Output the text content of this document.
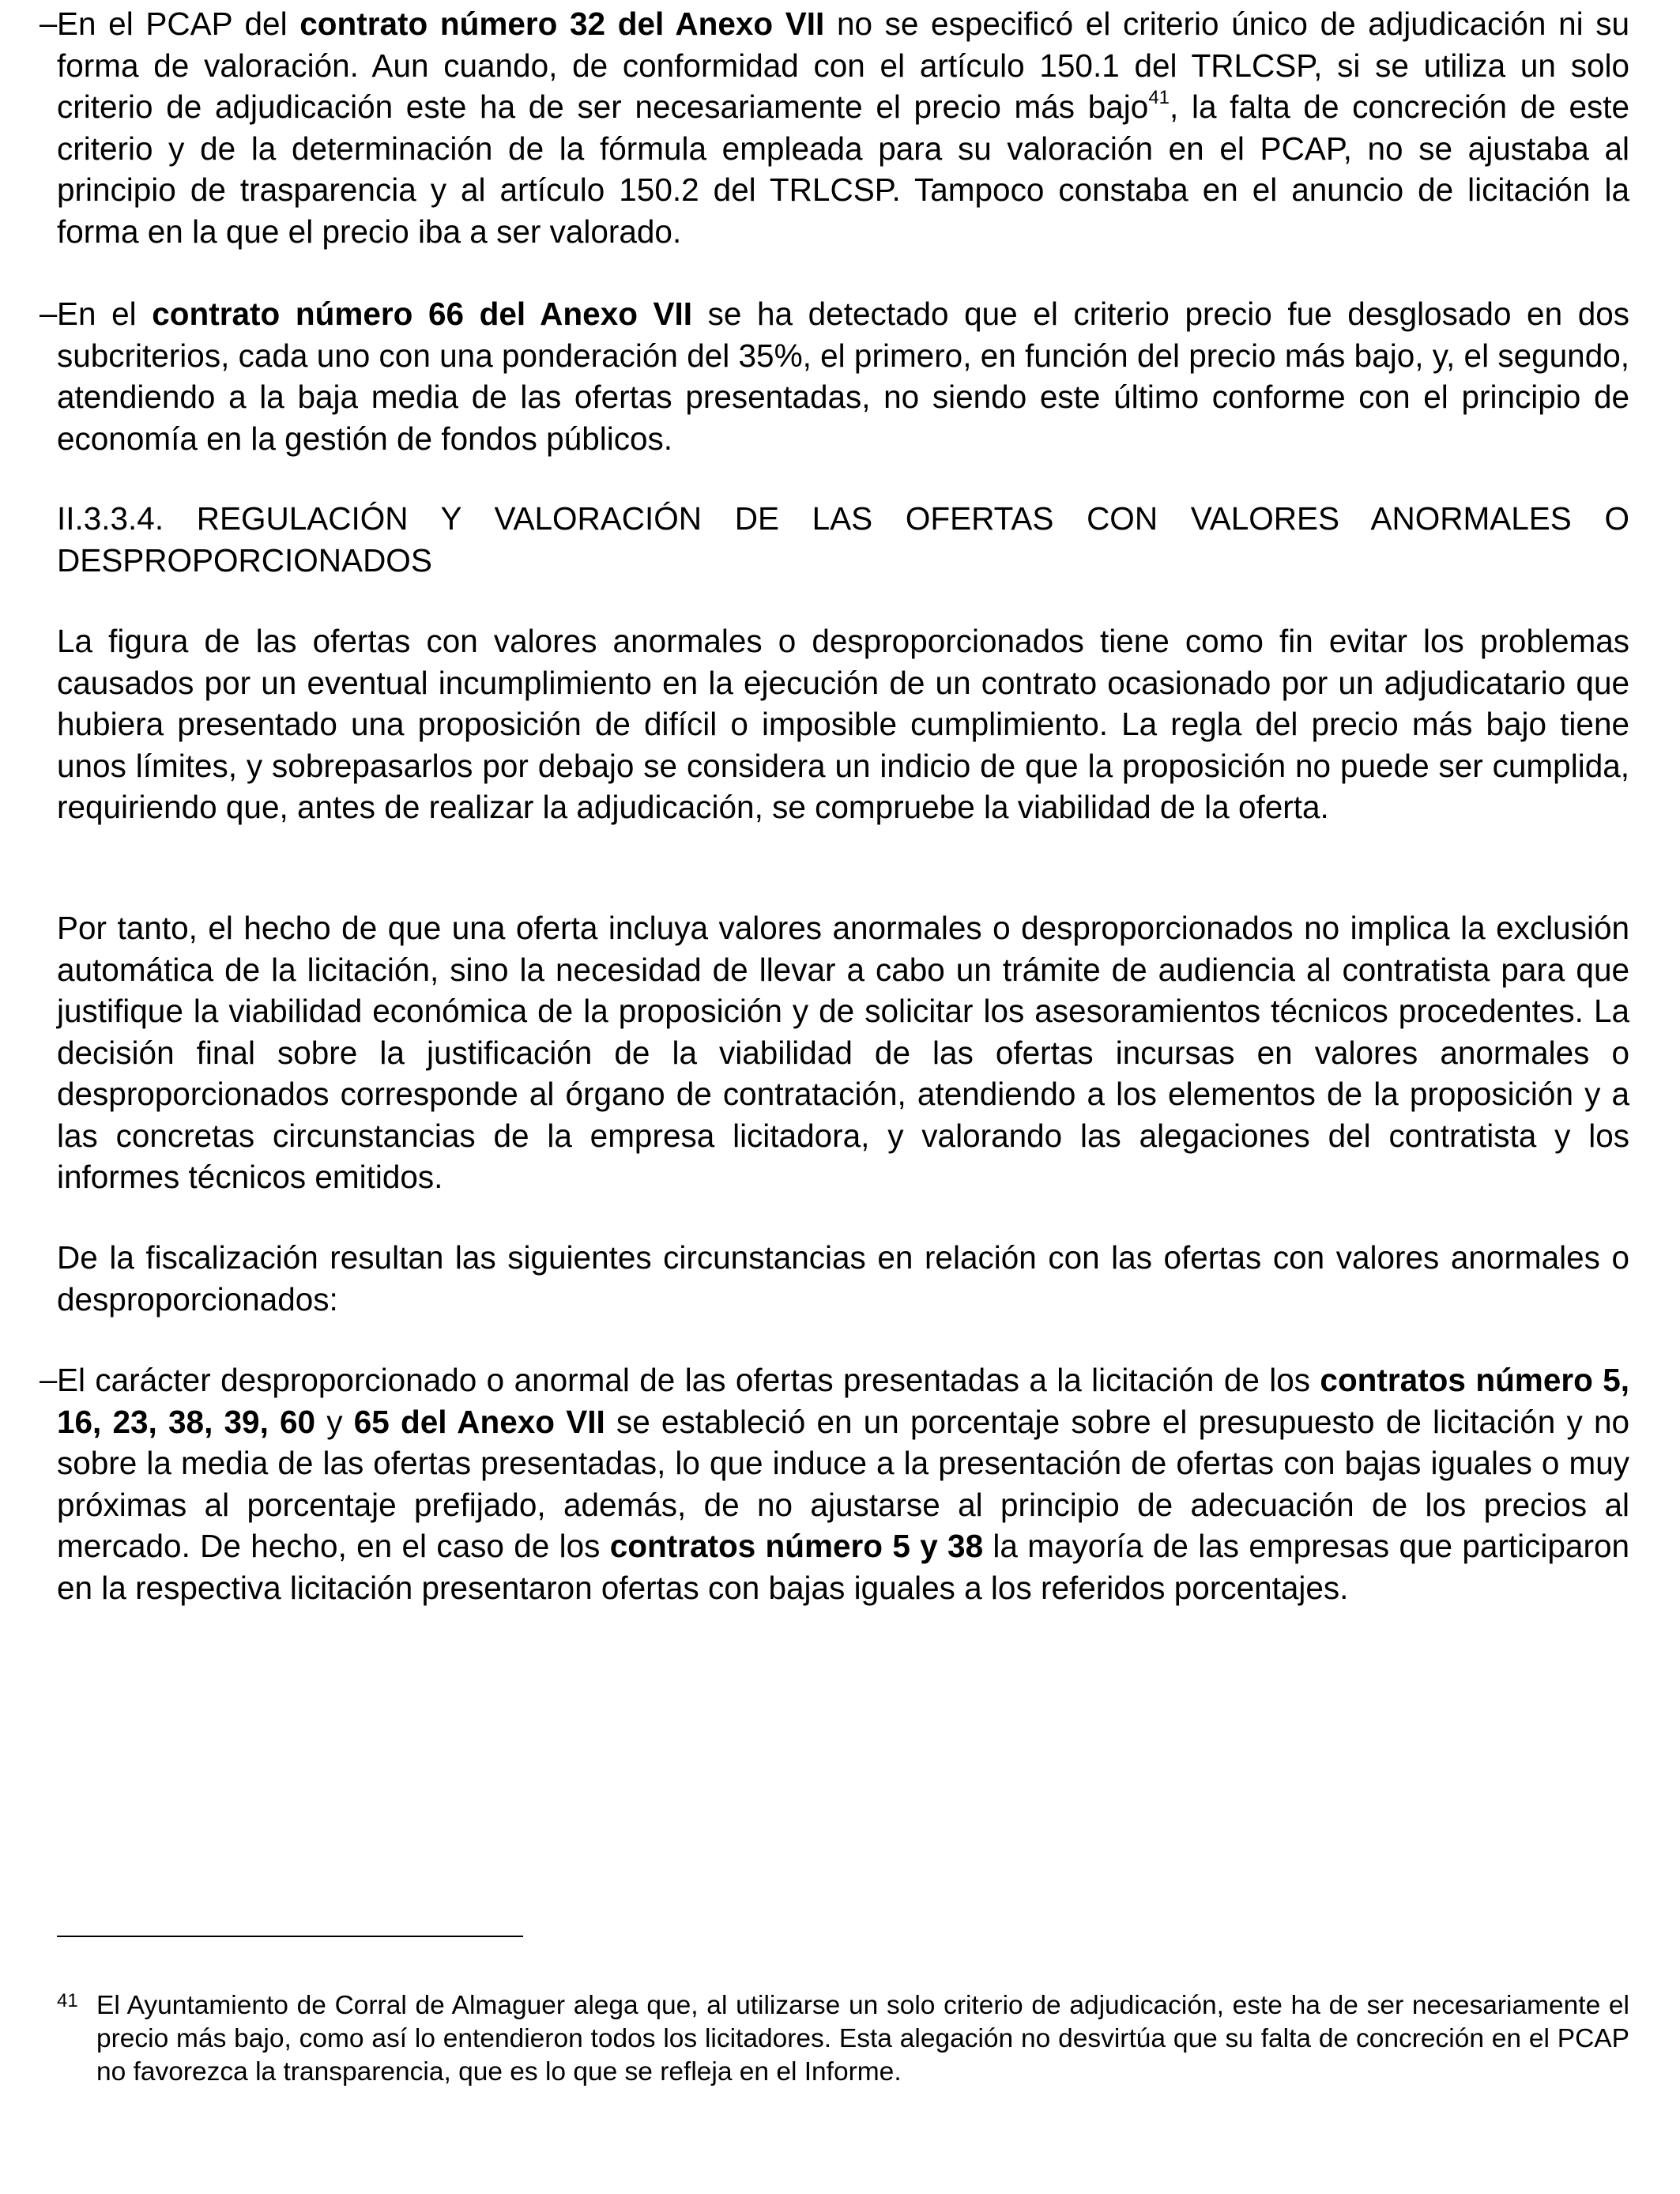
– En el PCAP del contrato número 32 del Anexo VII no se especificó el criterio único de adjudicación ni su forma de valoración. Aun cuando, de conformidad con el artículo 150.1 del TRLCSP, si se utiliza un solo criterio de adjudicación este ha de ser necesariamente el precio más bajo$^{41}$, la falta de concreción de este criterio y de la determinación de la fórmula empleada para su valoración en el PCAP, no se ajustaba al principio de trasparencia y al artículo 150.2 del TRLCSP. Tampoco constaba en el anuncio de licitación la forma en la que el precio iba a ser valorado.
– En el contrato número 66 del Anexo VII se ha detectado que el criterio precio fue desglosado en dos subcriterios, cada uno con una ponderación del 35%, el primero, en función del precio más bajo, y, el segundo, atendiendo a la baja media de las ofertas presentadas, no siendo este último conforme con el principio de economía en la gestión de fondos públicos.
II.3.3.4. REGULACIÓN Y VALORACIÓN DE LAS OFERTAS CON VALORES ANORMALES O DESPROPORCIONADOS
La figura de las ofertas con valores anormales o desproporcionados tiene como fin evitar los problemas causados por un eventual incumplimiento en la ejecución de un contrato ocasionado por un adjudicatario que hubiera presentado una proposición de difícil o imposible cumplimiento. La regla del precio más bajo tiene unos límites, y sobrepasarlos por debajo se considera un indicio de que la proposición no puede ser cumplida, requiriendo que, antes de realizar la adjudicación, se compruebe la viabilidad de la oferta.
Por tanto, el hecho de que una oferta incluya valores anormales o desproporcionados no implica la exclusión automática de la licitación, sino la necesidad de llevar a cabo un trámite de audiencia al contratista para que justifique la viabilidad económica de la proposición y de solicitar los asesoramientos técnicos procedentes. La decisión final sobre la justificación de la viabilidad de las ofertas incursas en valores anormales o desproporcionados corresponde al órgano de contratación, atendiendo a los elementos de la proposición y a las concretas circunstancias de la empresa licitadora, y valorando las alegaciones del contratista y los informes técnicos emitidos.
De la fiscalización resultan las siguientes circunstancias en relación con las ofertas con valores anormales o desproporcionados:
– El carácter desproporcionado o anormal de las ofertas presentadas a la licitación de los contratos número 5, 16, 23, 38, 39, 60 y 65 del Anexo VII se estableció en un porcentaje sobre el presupuesto de licitación y no sobre la media de las ofertas presentadas, lo que induce a la presentación de ofertas con bajas iguales o muy próximas al porcentaje prefijado, además, de no ajustarse al principio de adecuación de los precios al mercado. De hecho, en el caso de los contratos número 5 y 38 la mayoría de las empresas que participaron en la respectiva licitación presentaron ofertas con bajas iguales a los referidos porcentajes.
41 El Ayuntamiento de Corral de Almaguer alega que, al utilizarse un solo criterio de adjudicación, este ha de ser necesariamente el precio más bajo, como así lo entendieron todos los licitadores. Esta alegación no desvirtúa que su falta de concreción en el PCAP no favorezca la transparencia, que es lo que se refleja en el Informe.
